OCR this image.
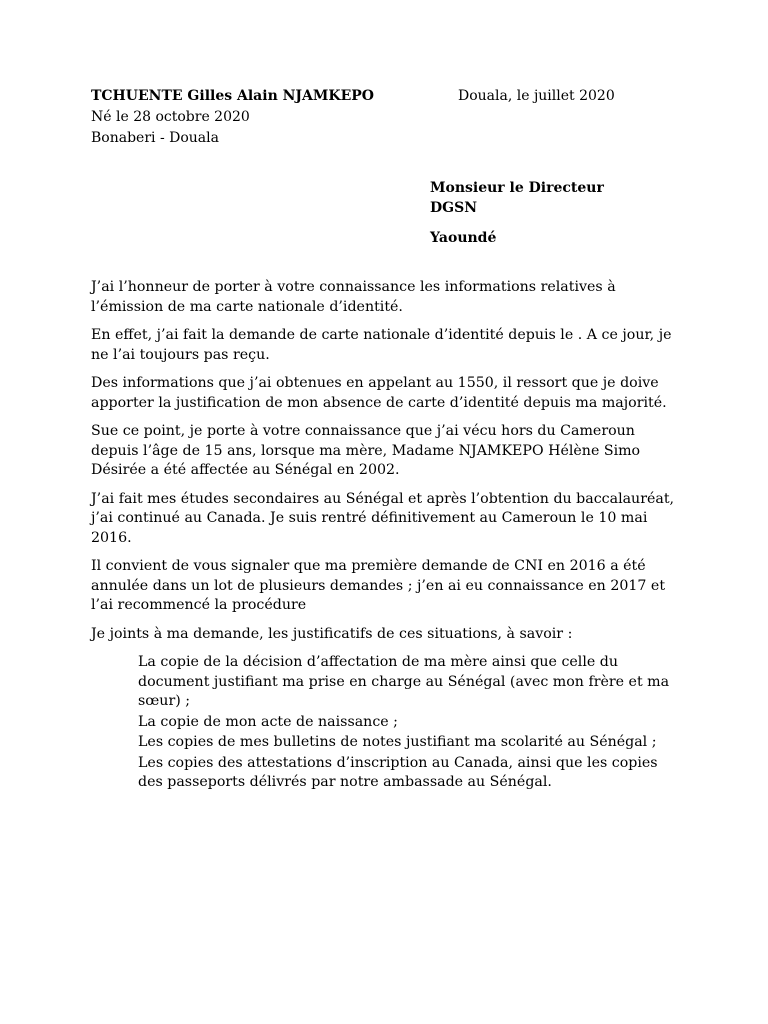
TCHUENTE Gilles Alain NJAMKEPO
Né le 28 octobre 2020
Bonaberi - Douala
Douala, le juillet 2020
Monsieur le Directeur
DGSN
Yaoundé

J’ai l’honneur de porter à votre connaissance les informations relatives à l’émission de ma carte nationale d’identité.

En effet, j’ai fait la demande de carte nationale d’identité depuis le . A ce jour, je ne l’ai toujours pas reçu.

Des informations que j’ai obtenues en appelant au 1550, il ressort que je doive apporter la justification de mon absence de carte d’identité depuis ma majorité.

Sue ce point, je porte à votre connaissance que j’ai vécu hors du Cameroun depuis l’âge de 15 ans, lorsque ma mère, Madame NJAMKEPO Hélène Simo Désirée a été affectée au Sénégal en 2002.

J’ai fait mes études secondaires au Sénégal et après l’obtention du baccalauréat, j’ai continué au Canada. Je suis rentré définitivement au Cameroun le 10 mai 2016.

Il convient de vous signaler que ma première demande de CNI en 2016 a été annulée dans un lot de plusieurs demandes ; j’en ai eu connaissance en 2017 et l’ai recommencé la procédure

Je joints à ma demande, les justificatifs de ces situations, à savoir :

La copie de la décision d’affectation de ma mère ainsi que celle du document justifiant ma prise en charge au Sénégal (avec mon frère et ma sœur) ;
La copie de mon acte de naissance ;
Les copies de mes bulletins de notes justifiant ma scolarité au Sénégal ;
Les copies des attestations d’inscription au Canada, ainsi que les copies des passeports délivrés par notre ambassade au Sénégal.
